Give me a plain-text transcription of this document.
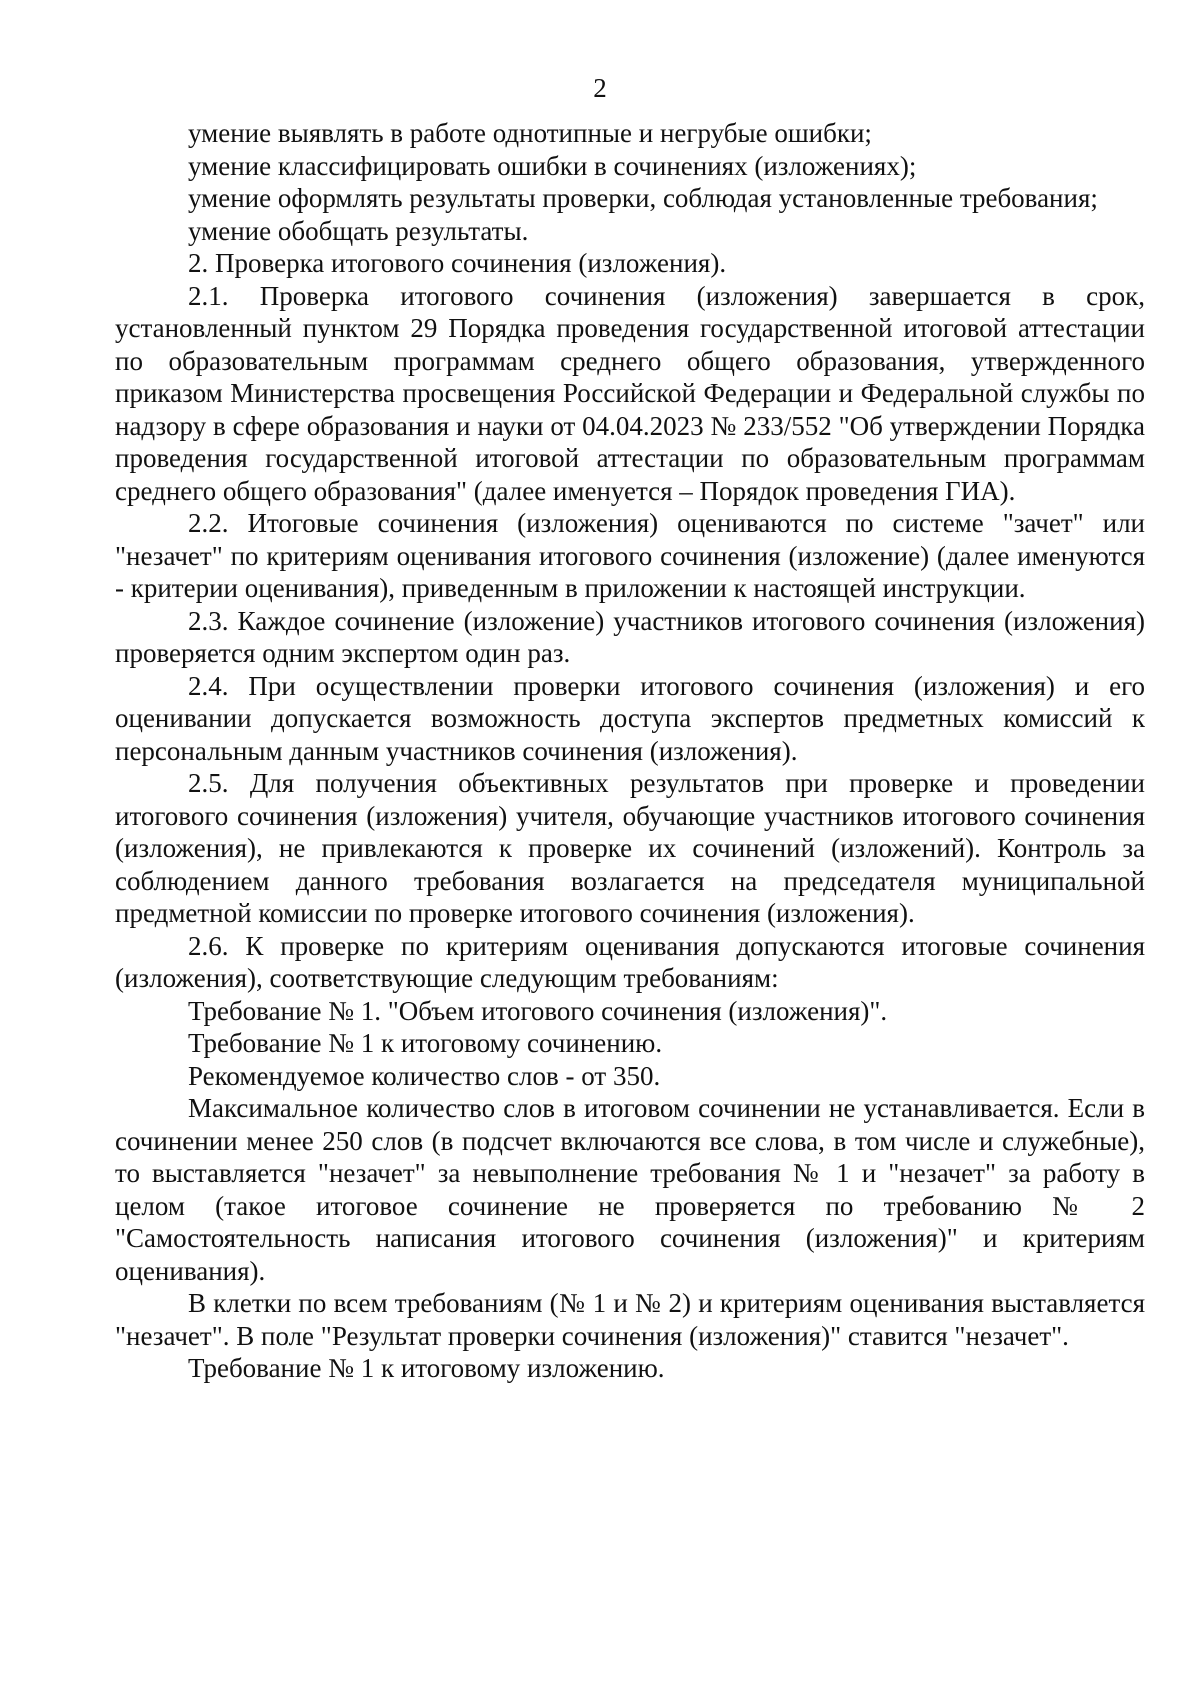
2

умение выявлять в работе однотипные и негрубые ошибки;

умение классифицировать ошибки в сочинениях (изложениях);

умение оформлять результаты проверки, соблюдая установленные требования;

умение обобщать результаты.

2. Проверка итогового сочинения (изложения).

2.1. Проверка итогового сочинения (изложения) завершается в срок, установленный пунктом 29 Порядка проведения государственной итоговой аттестации по образовательным программам среднего общего образования, утвержденного приказом Министерства просвещения Российской Федерации и Федеральной службы по надзору в сфере образования и науки от 04.04.2023 № 233/552 "Об утверждении Порядка проведения государственной итоговой аттестации по образовательным программам среднего общего образования" (далее именуется – Порядок проведения ГИА).

2.2. Итоговые сочинения (изложения) оцениваются по системе "зачет" или "незачет" по критериям оценивания итогового сочинения (изложение) (далее именуются - критерии оценивания), приведенным в приложении к настоящей инструкции.

2.3. Каждое сочинение (изложение) участников итогового сочинения (изложения) проверяется одним экспертом один раз.

2.4. При осуществлении проверки итогового сочинения (изложения) и его оценивании допускается возможность доступа экспертов предметных комиссий к персональным данным участников сочинения (изложения).

2.5. Для получения объективных результатов при проверке и проведении итогового сочинения (изложения) учителя, обучающие участников итогового сочинения (изложения), не привлекаются к проверке их сочинений (изложений). Контроль за соблюдением данного требования возлагается на председателя муниципальной предметной комиссии по проверке итогового сочинения (изложения).

2.6. К проверке по критериям оценивания допускаются итоговые сочинения (изложения), соответствующие следующим требованиям:

Требование № 1. "Объем итогового сочинения (изложения)".

Требование № 1 к итоговому сочинению.

Рекомендуемое количество слов - от 350.

Максимальное количество слов в итоговом сочинении не устанавливается. Если в сочинении менее 250 слов (в подсчет включаются все слова, в том числе и служебные), то выставляется "незачет" за невыполнение требования № 1 и "незачет" за работу в целом (такое итоговое сочинение не проверяется по требованию № 2 "Самостоятельность написания итогового сочинения (изложения)" и критериям оценивания).

В клетки по всем требованиям (№ 1 и № 2) и критериям оценивания выставляется "незачет". В поле "Результат проверки сочинения (изложения)" ставится "незачет".

Требование № 1 к итоговому изложению.
